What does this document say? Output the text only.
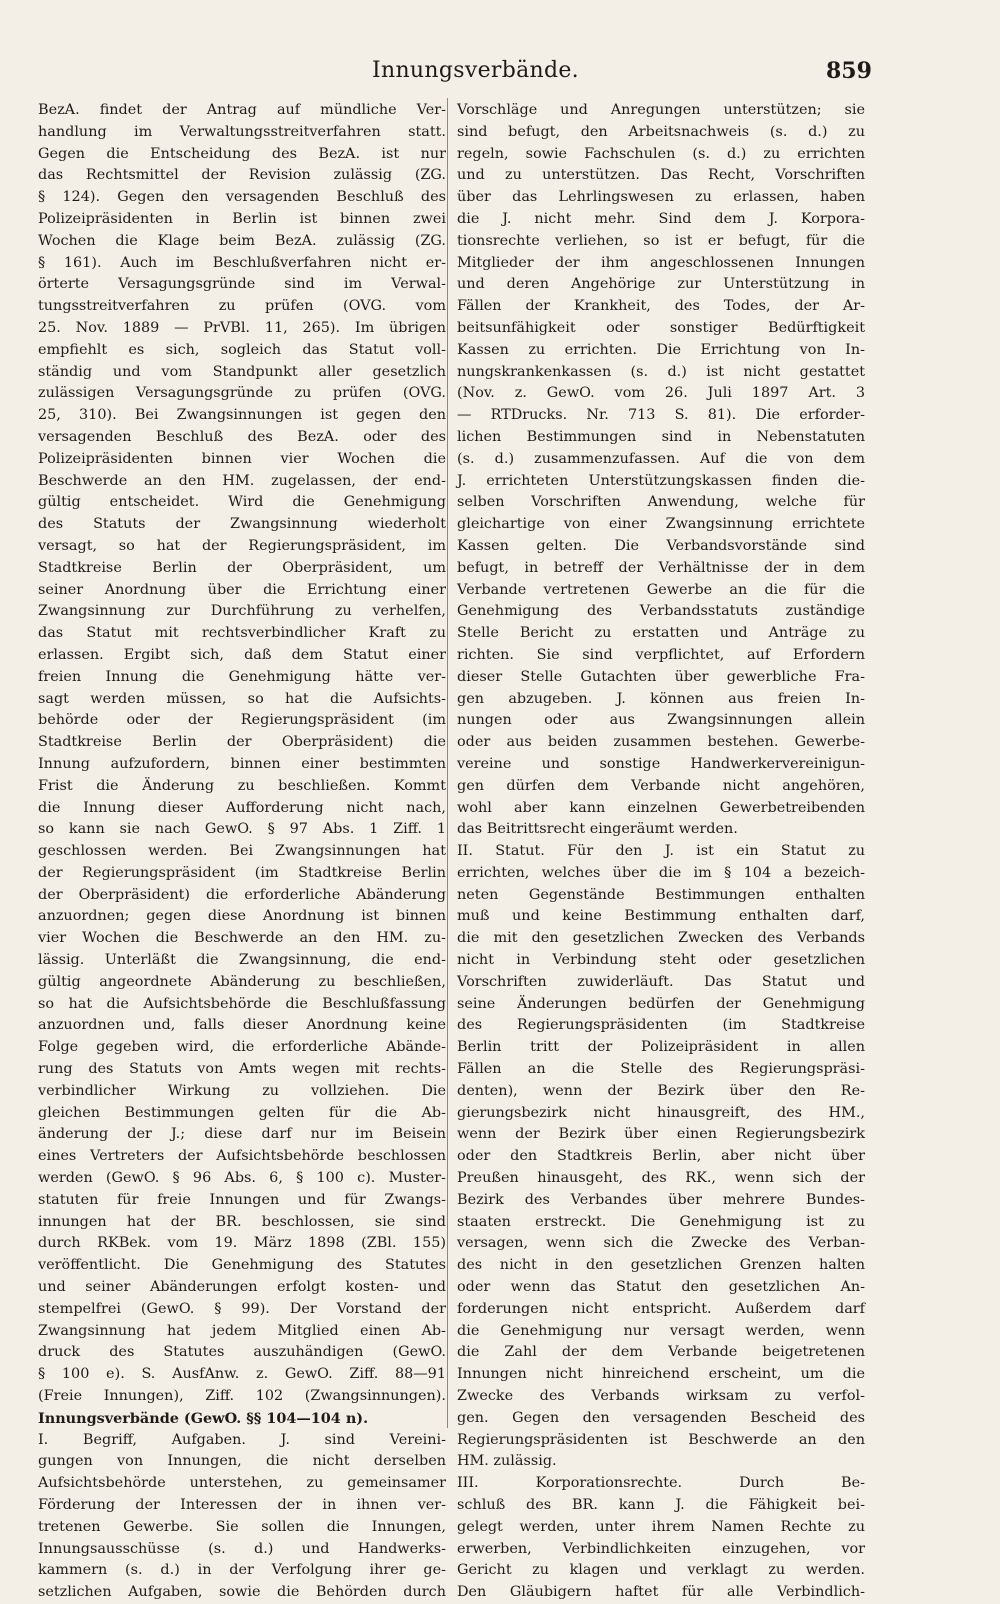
Innungsverbände.	859
BezA. findet der Antrag auf mündliche Ver-
handlung im Verwaltungsstreitverfahren statt.
Gegen die Entscheidung des BezA. ist nur
das Rechtsmittel der Revision zulässig (ZG.
§ 124). Gegen den versagenden Beschluß des
Polizeipräsidenten in Berlin ist binnen zwei
Wochen die Klage beim BezA. zulässig (ZG.
§ 161). Auch im Beschlußverfahren nicht er-
örterte Versagungsgründe sind im Verwal-
tungsstreitverfahren zu prüfen (OVG. vom
25. Nov. 1889 — PrVBl. 11, 265). Im übrigen
empfiehlt es sich, sogleich das Statut voll-
ständig und vom Standpunkt aller gesetzlich
zulässigen Versagungsgründe zu prüfen (OVG.
25, 310). Bei Zwangsinnungen ist gegen den
versagenden Beschluß des BezA. oder des
Polizeipräsidenten binnen vier Wochen die
Beschwerde an den HM. zugelassen, der end-
gültig entscheidet. Wird die Genehmigung
des Statuts der Zwangsinnung wiederholt
versagt, so hat der Regierungspräsident, im
Stadtkreise Berlin der Oberpräsident, um
seiner Anordnung über die Errichtung einer
Zwangsinnung zur Durchführung zu verhelfen,
das Statut mit rechtsverbindlicher Kraft zu
erlassen. Ergibt sich, daß dem Statut einer
freien Innung die Genehmigung hätte ver-
sagt werden müssen, so hat die Aufsichts-
behörde oder der Regierungspräsident (im
Stadtkreise Berlin der Oberpräsident) die
Innung aufzufordern, binnen einer bestimmten
Frist die Änderung zu beschließen. Kommt
die Innung dieser Aufforderung nicht nach,
so kann sie nach GewO. § 97 Abs. 1 Ziff. 1
geschlossen werden. Bei Zwangsinnungen hat
der Regierungspräsident (im Stadtkreise Berlin
der Oberpräsident) die erforderliche Abänderung
anzuordnen; gegen diese Anordnung ist binnen
vier Wochen die Beschwerde an den HM. zu-
lässig. Unterläßt die Zwangsinnung, die end-
gültig angeordnete Abänderung zu beschließen,
so hat die Aufsichtsbehörde die Beschlußfassung
anzuordnen und, falls dieser Anordnung keine
Folge gegeben wird, die erforderliche Abände-
rung des Statuts von Amts wegen mit rechts-
verbindlicher Wirkung zu vollziehen. Die
gleichen Bestimmungen gelten für die Ab-
änderung der J.; diese darf nur im Beisein
eines Vertreters der Aufsichtsbehörde beschlossen
werden (GewO. § 96 Abs. 6, § 100 c). Muster-
statuten für freie Innungen und für Zwangs-
innungen hat der BR. beschlossen, sie sind
durch RKBek. vom 19. März 1898 (ZBl. 155)
veröffentlicht. Die Genehmigung des Statutes
und seiner Abänderungen erfolgt kosten- und
stempelfrei (GewO. § 99). Der Vorstand der
Zwangsinnung hat jedem Mitglied einen Ab-
druck des Statutes auszuhändigen (GewO.
§ 100 e). S. AusfAnw. z. GewO. Ziff. 88—91
(Freie Innungen), Ziff. 102 (Zwangsinnungen).
Innungsverbände (GewO. §§ 104—104 n).
I. Begriff, Aufgaben. J. sind Vereini-
gungen von Innungen, die nicht derselben
Aufsichtsbehörde unterstehen, zu gemeinsamer
Förderung der Interessen der in ihnen ver-
tretenen Gewerbe. Sie sollen die Innungen,
Innungsausschüsse (s. d.) und Handwerks-
kammern (s. d.) in der Verfolgung ihrer ge-
setzlichen Aufgaben, sowie die Behörden durch
Vorschläge und Anregungen unterstützen; sie
sind befugt, den Arbeitsnachweis (s. d.) zu
regeln, sowie Fachschulen (s. d.) zu errichten
und zu unterstützen. Das Recht, Vorschriften
über das Lehrlingswesen zu erlassen, haben
die J. nicht mehr. Sind dem J. Korpora-
tionsrechte verliehen, so ist er befugt, für die
Mitglieder der ihm angeschlossenen Innungen
und deren Angehörige zur Unterstützung in
Fällen der Krankheit, des Todes, der Ar-
beitsunfähigkeit oder sonstiger Bedürftigkeit
Kassen zu errichten. Die Errichtung von In-
nungskrankenkassen (s. d.) ist nicht gestattet
(Nov. z. GewO. vom 26. Juli 1897 Art. 3
— RTDrucks. Nr. 713 S. 81). Die erforder-
lichen Bestimmungen sind in Nebenstatuten
(s. d.) zusammenzufassen. Auf die von dem
J. errichteten Unterstützungskassen finden die-
selben Vorschriften Anwendung, welche für
gleichartige von einer Zwangsinnung errichtete
Kassen gelten. Die Verbandsvorstände sind
befugt, in betreff der Verhältnisse der in dem
Verbande vertretenen Gewerbe an die für die
Genehmigung des Verbandsstatuts zuständige
Stelle Bericht zu erstatten und Anträge zu
richten. Sie sind verpflichtet, auf Erfordern
dieser Stelle Gutachten über gewerbliche Fra-
gen abzugeben. J. können aus freien In-
nungen oder aus Zwangsinnungen allein
oder aus beiden zusammen bestehen. Gewerbe-
vereine und sonstige Handwerkervereinigun-
gen dürfen dem Verbande nicht angehören,
wohl aber kann einzelnen Gewerbetreibenden
das Beitrittsrecht eingeräumt werden.
II. Statut. Für den J. ist ein Statut zu
errichten, welches über die im § 104 a bezeich-
neten Gegenstände Bestimmungen enthalten
muß und keine Bestimmung enthalten darf,
die mit den gesetzlichen Zwecken des Verbands
nicht in Verbindung steht oder gesetzlichen
Vorschriften zuwiderläuft. Das Statut und
seine Änderungen bedürfen der Genehmigung
des Regierungspräsidenten (im Stadtkreise
Berlin tritt der Polizeipräsident in allen
Fällen an die Stelle des Regierungspräsi-
denten), wenn der Bezirk über den Re-
gierungsbezirk nicht hinausgreift, des HM.,
wenn der Bezirk über einen Regierungsbezirk
oder den Stadtkreis Berlin, aber nicht über
Preußen hinausgeht, des RK., wenn sich der
Bezirk des Verbandes über mehrere Bundes-
staaten erstreckt. Die Genehmigung ist zu
versagen, wenn sich die Zwecke des Verban-
des nicht in den gesetzlichen Grenzen halten
oder wenn das Statut den gesetzlichen An-
forderungen nicht entspricht. Außerdem darf
die Genehmigung nur versagt werden, wenn
die Zahl der dem Verbande beigetretenen
Innungen nicht hinreichend erscheint, um die
Zwecke des Verbands wirksam zu verfol-
gen. Gegen den versagenden Bescheid des
Regierungspräsidenten ist Beschwerde an den
HM. zulässig.
III. Korporationsrechte. Durch Be-
schluß des BR. kann J. die Fähigkeit bei-
gelegt werden, unter ihrem Namen Rechte zu
erwerben, Verbindlichkeiten einzugehen, vor
Gericht zu klagen und verklagt zu werden.
Den Gläubigern haftet für alle Verbindlich-
